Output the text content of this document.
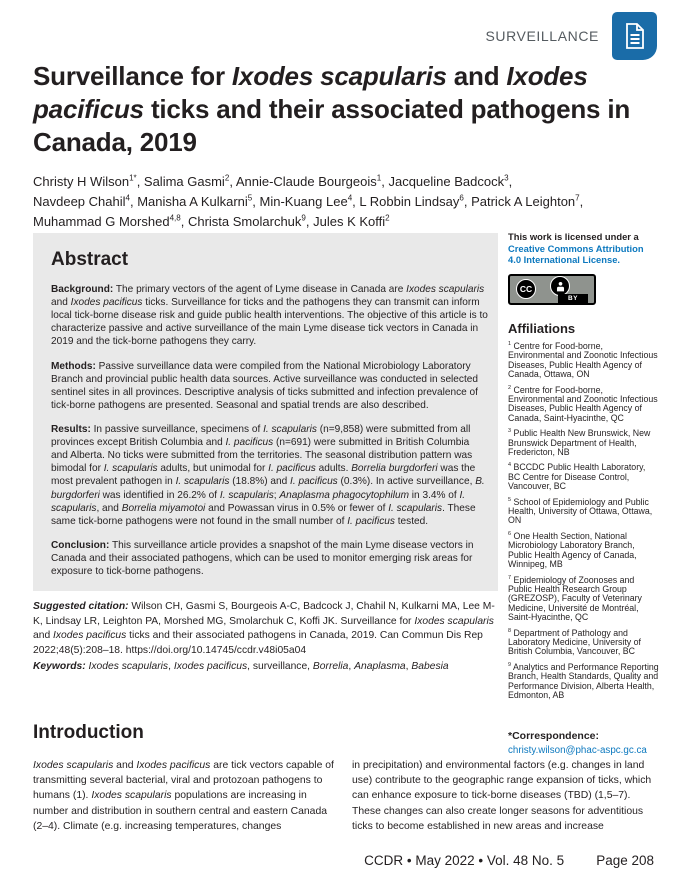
SURVEILLANCE
Surveillance for Ixodes scapularis and Ixodes
pacificus ticks and their associated pathogens in
Canada, 2019
Christy H Wilson$^{1*}$, Salima Gasmi$^2$, Annie-Claude Bourgeois$^1$, Jacqueline Badcock$^3$,
Navdeep Chahil$^4$, Manisha A Kulkarni$^5$, Min-Kuang Lee$^4$, L Robbin Lindsay$^6$, Patrick A Leighton$^7$,
Muhammad G Morshed$^{4,8}$, Christa Smolarchuk$^9$, Jules K Koffi$^2$
Abstract

Background: The primary vectors of the agent of Lyme disease in Canada are Ixodes scapularis and Ixodes pacificus ticks. Surveillance for ticks and the pathogens they can transmit can inform local tick-borne disease risk and guide public health interventions. The objective of this article is to characterize passive and active surveillance of the main Lyme disease tick vectors in Canada in 2019 and the tick-borne pathogens they carry.

Methods: Passive surveillance data were compiled from the National Microbiology Laboratory Branch and provincial public health data sources. Active surveillance was conducted in selected sentinel sites in all provinces. Descriptive analysis of ticks submitted and infection prevalence of tick-borne pathogens are presented. Seasonal and spatial trends are also described.

Results: In passive surveillance, specimens of I. scapularis (n=9,858) were submitted from all provinces except British Columbia and I. pacificus (n=691) were submitted in British Columbia and Alberta. No ticks were submitted from the territories. The seasonal distribution pattern was bimodal for I. scapularis adults, but unimodal for I. pacificus adults. Borrelia burgdorferi was the most prevalent pathogen in I. scapularis (18.8%) and I. pacificus (0.3%). In active surveillance, B. burgdorferi was identified in 26.2% of I. scapularis; Anaplasma phagocytophilum in 3.4% of I. scapularis, and Borrelia miyamotoi and Powassan virus in 0.5% or fewer of I. scapularis. These same tick-borne pathogens were not found in the small number of I. pacificus tested.

Conclusion: This surveillance article provides a snapshot of the main Lyme disease vectors in Canada and their associated pathogens, which can be used to monitor emerging risk areas for exposure to tick-borne pathogens.

Suggested citation: Wilson CH, Gasmi S, Bourgeois A-C, Badcock J, Chahil N, Kulkarni MA, Lee M-K, Lindsay LR, Leighton PA, Morshed MG, Smolarchuk C, Koffi JK. Surveillance for Ixodes scapularis and Ixodes pacificus ticks and their associated pathogens in Canada, 2019. Can Commun Dis Rep 2022;48(5):208–18. https://doi.org/10.14745/ccdr.v48i05a04

Keywords: Ixodes scapularis, Ixodes pacificus, surveillance, Borrelia, Anaplasma, Babesia

This work is licensed under a Creative Commons Attribution 4.0 International License.

CC
BY
Affiliations

$^1$ Centre for Food-borne, Environmental and Zoonotic Infectious Diseases, Public Health Agency of Canada, Ottawa, ON

$^2$ Centre for Food-borne, Environmental and Zoonotic Infectious Diseases, Public Health Agency of Canada, Saint-Hyacinthe, QC

$^3$ Public Health New Brunswick, New Brunswick Department of Health, Fredericton, NB

$^4$ BCCDC Public Health Laboratory, BC Centre for Disease Control, Vancouver, BC

$^5$ School of Epidemiology and Public Health, University of Ottawa, Ottawa, ON

$^6$ One Health Section, National Microbiology Laboratory Branch, Public Health Agency of Canada, Winnipeg, MB

$^7$ Epidemiology of Zoonoses and Public Health Research Group (GREZOSP), Faculty of Veterinary Medicine, Université de Montréal, Saint-Hyacinthe, QC

$^8$ Department of Pathology and Laboratory Medicine, University of British Columbia, Vancouver, BC

$^9$ Analytics and Performance Reporting Branch, Health Standards, Quality and Performance Division, Alberta Health, Edmonton, AB

*Correspondence:
christy.wilson@phac-aspc.gc.ca
Introduction

Ixodes scapularis and Ixodes pacificus are tick vectors capable of transmitting several bacterial, viral and protozoan pathogens to humans (1). Ixodes scapularis populations are increasing in number and distribution in southern central and eastern Canada (2–4). Climate (e.g. increasing temperatures, changes

in precipitation) and environmental factors (e.g. changes in land use) contribute to the geographic range expansion of ticks, which can enhance exposure to tick-borne diseases (TBD) (1,5–7). These changes can also create longer seasons for adventitious ticks to become established in new areas and increase

CCDR • May 2022 • Vol. 48 No. 5 Page 208
